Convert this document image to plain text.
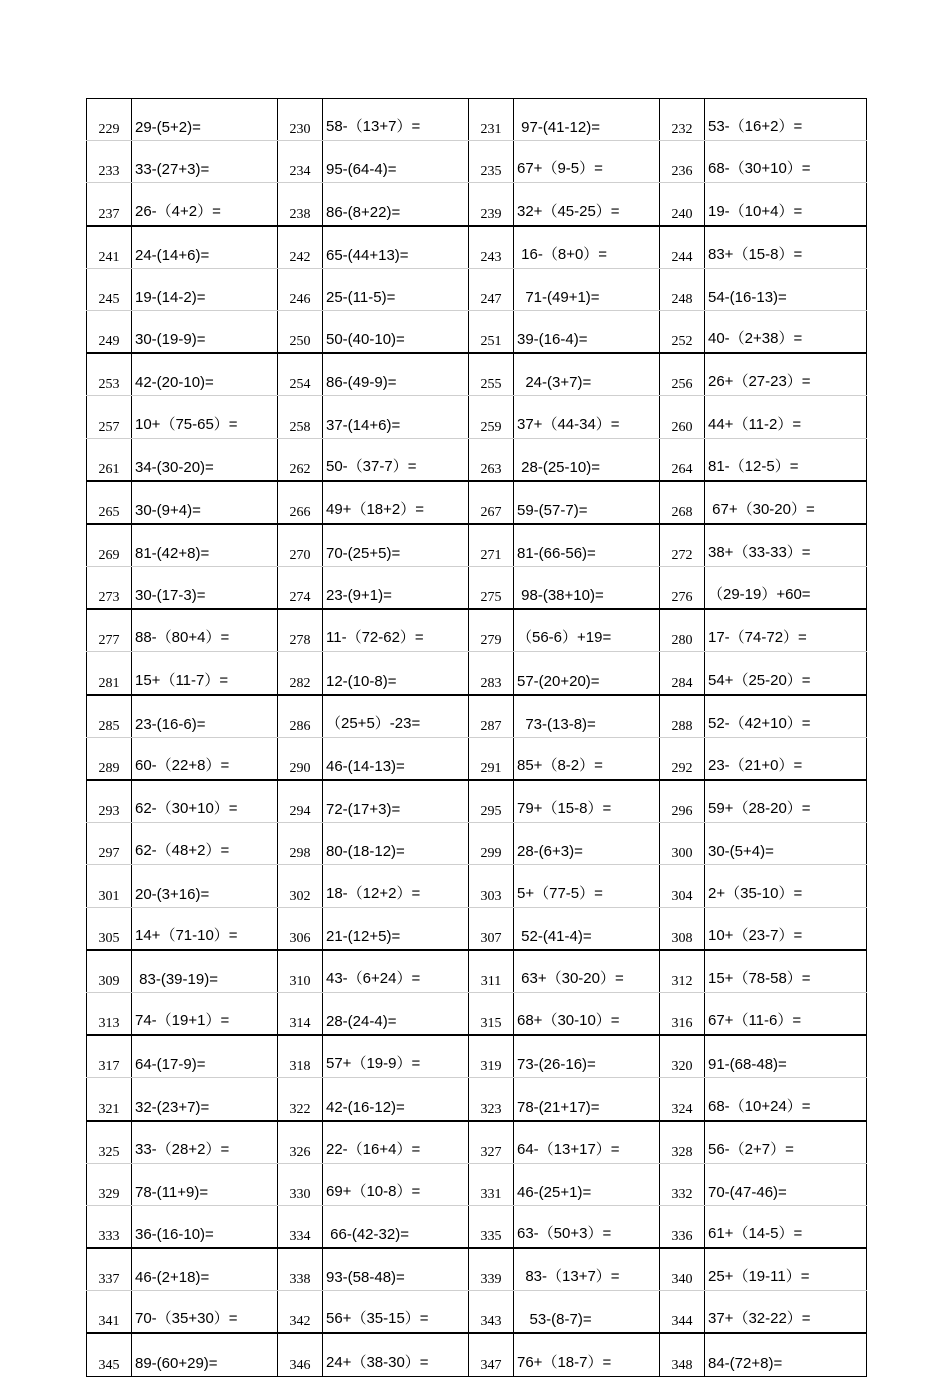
229	29-(5+2)=	230	58-（13+7）=	231	97-(41-12)=	232	53-（16+2）=
233	33-(27+3)=	234	95-(64-4)=	235	67+（9-5）=	236	68-（30+10）=
237	26-（4+2）=	238	86-(8+22)=	239	32+（45-25）=	240	19-（10+4）=
241	24-(14+6)=	242	65-(44+13)=	243	16-（8+0）=	244	83+（15-8）=
245	19-(14-2)=	246	25-(11-5)=	247	71-(49+1)=	248	54-(16-13)=
249	30-(19-9)=	250	50-(40-10)=	251	39-(16-4)=	252	40-（2+38）=
253	42-(20-10)=	254	86-(49-9)=	255	24-(3+7)=	256	26+（27-23）=
257	10+（75-65）=	258	37-(14+6)=	259	37+（44-34）=	260	44+（11-2）=
261	34-(30-20)=	262	50-（37-7）=	263	28-(25-10)=	264	81-（12-5）=
265	30-(9+4)=	266	49+（18+2）=	267	59-(57-7)=	268	67+（30-20）=
269	81-(42+8)=	270	70-(25+5)=	271	81-(66-56)=	272	38+（33-33）=
273	30-(17-3)=	274	23-(9+1)=	275	98-(38+10)=	276	（29-19）+60=
277	88-（80+4）=	278	11-（72-62）=	279	（56-6）+19=	280	17-（74-72）=
281	15+（11-7）=	282	12-(10-8)=	283	57-(20+20)=	284	54+（25-20）=
285	23-(16-6)=	286	（25+5）-23=	287	73-(13-8)=	288	52-（42+10）=
289	60-（22+8）=	290	46-(14-13)=	291	85+（8-2）=	292	23-（21+0）=
293	62-（30+10）=	294	72-(17+3)=	295	79+（15-8）=	296	59+（28-20）=
297	62-（48+2）=	298	80-(18-12)=	299	28-(6+3)=	300	30-(5+4)=
301	20-(3+16)=	302	18-（12+2）=	303	5+（77-5）=	304	2+（35-10）=
305	14+（71-10）=	306	21-(12+5)=	307	52-(41-4)=	308	10+（23-7）=
309	83-(39-19)=	310	43-（6+24）=	311	63+（30-20）=	312	15+（78-58）=
313	74-（19+1）=	314	28-(24-4)=	315	68+（30-10）=	316	67+（11-6）=
317	64-(17-9)=	318	57+（19-9）=	319	73-(26-16)=	320	91-(68-48)=
321	32-(23+7)=	322	42-(16-12)=	323	78-(21+17)=	324	68-（10+24）=
325	33-（28+2）=	326	22-（16+4）=	327	64-（13+17）=	328	56-（2+7）=
329	78-(11+9)=	330	69+（10-8）=	331	46-(25+1)=	332	70-(47-46)=
333	36-(16-10)=	334	66-(42-32)=	335	63-（50+3）=	336	61+（14-5）=
337	46-(2+18)=	338	93-(58-48)=	339	83-（13+7）=	340	25+（19-11）=
341	70-（35+30）=	342	56+（35-15）=	343	53-(8-7)=	344	37+（32-22）=
345	89-(60+29)=	346	24+（38-30）=	347	76+（18-7）=	348	84-(72+8)=
